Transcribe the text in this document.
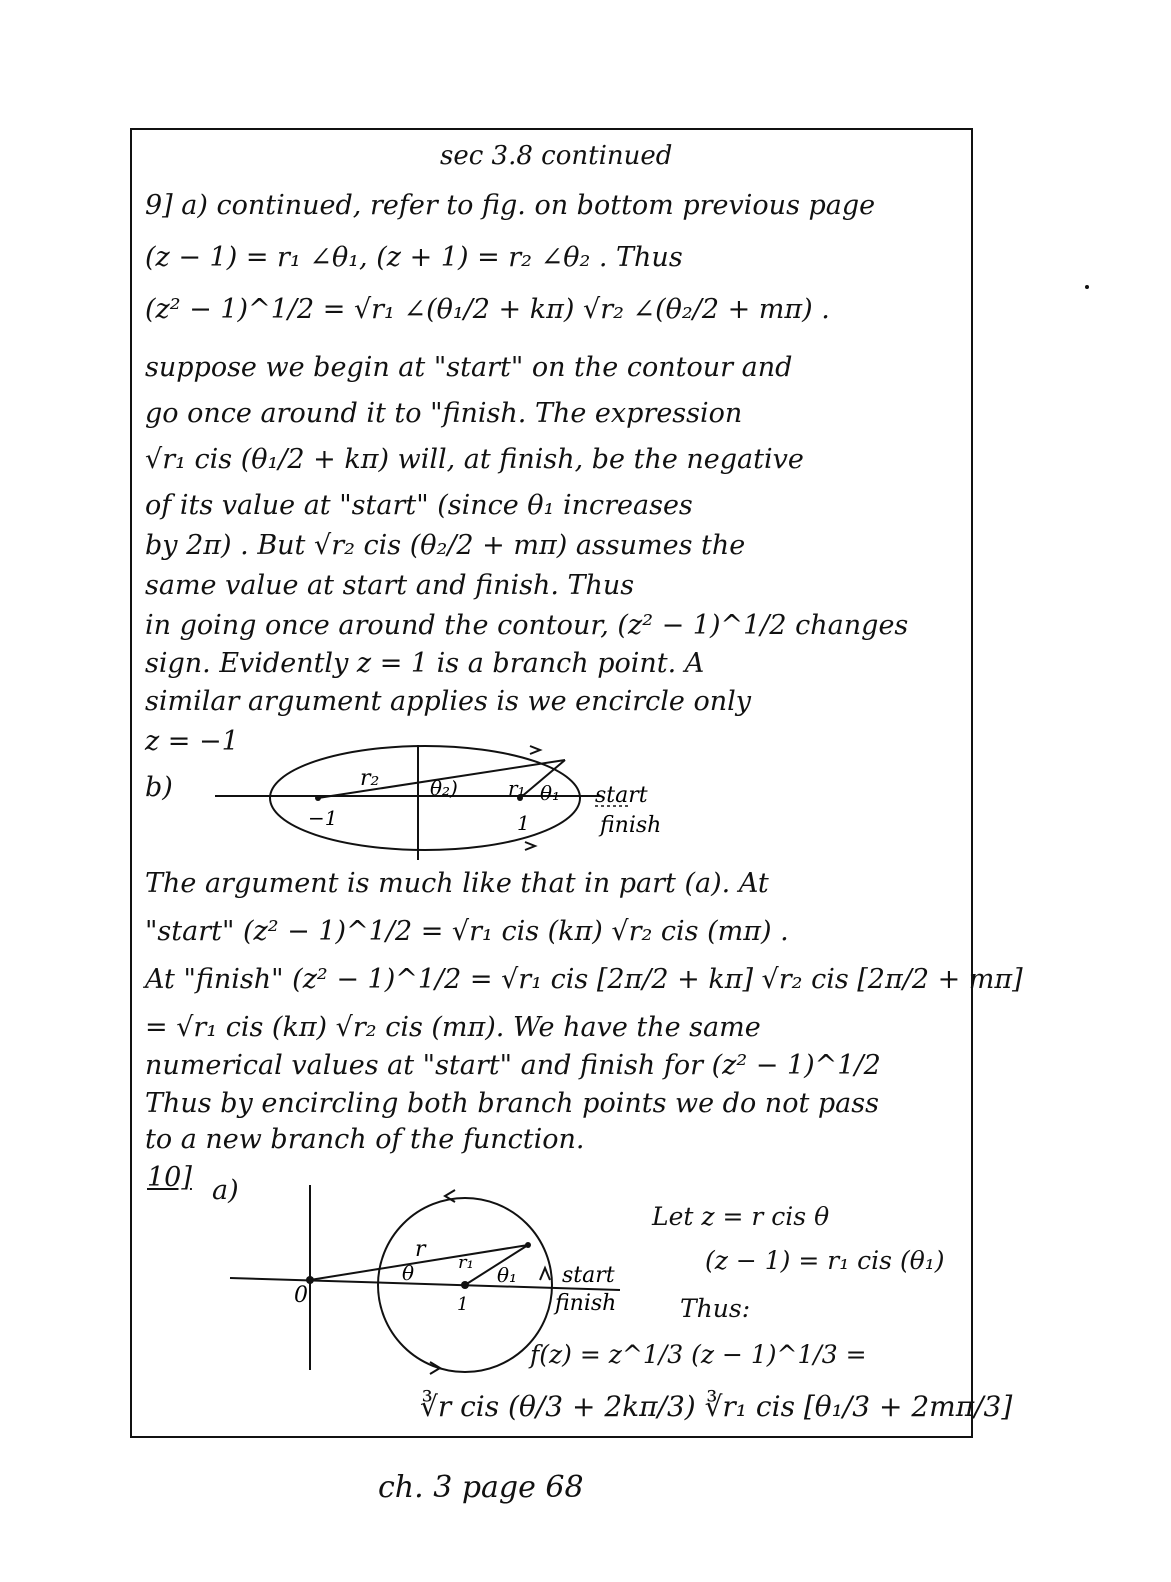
sec 3.8 continued
9] a) continued, refer to fig. on bottom previous page
(z − 1) = r₁ ∠θ₁, (z + 1) = r₂ ∠θ₂ . Thus
(z² − 1)^1/2 = √r₁ ∠(θ₁/2 + kπ) √r₂ ∠(θ₂/2 + mπ) .
suppose we begin at "start" on the contour and
go once around it to "finish. The expression
√r₁ cis (θ₁/2 + kπ) will, at finish, be the negative
of its value at "start" (since θ₁ increases
by 2π) . But √r₂ cis (θ₂/2 + mπ) assumes the
same value at start and finish. Thus
in going once around the contour, (z² − 1)^1/2 changes
sign. Evidently z = 1 is a branch point. A
similar argument applies is we encircle only
z = −1
b)	r₂	θ₂)	r₁ θ₁
−1	1
start
finish
The argument is much like that in part (a). At
"start" (z² − 1)^1/2 = √r₁ cis (kπ) √r₂ cis (mπ) .
At "finish" (z² − 1)^1/2 = √r₁ cis [2π/2 + kπ] √r₂ cis [2π/2 + mπ]
= √r₁ cis (kπ) √r₂ cis (mπ). We have the same
numerical values at "start" and finish for (z² − 1)^1/2
Thus by encircling both branch points we do not pass
to a new branch of the function.
10] a)
0
r
r₁
θ	θ₁
1
start
finish
Let z = r cis θ
(z − 1) = r₁ cis (θ₁)
Thus:
f(z) = z^1/3 (z − 1)^1/3 =
∛r cis (θ/3 + 2kπ/3) ∛r₁ cis [θ₁/3 + 2mπ/3]
ch. 3 page 68
